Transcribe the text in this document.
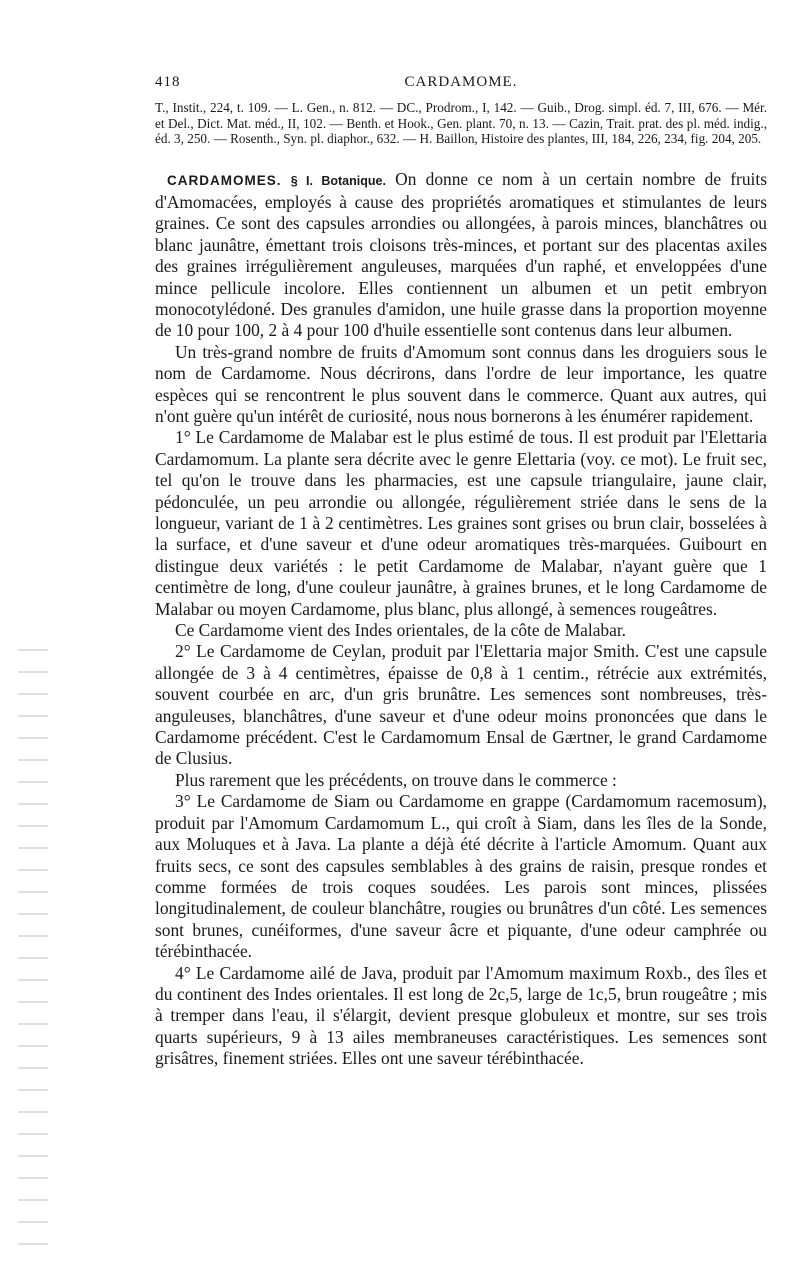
418	CARDAMOME.

T., Instit., 224, t. 109. — L. Gen., n. 812. — DC., Prodrom., I, 142. — Guib., Drog. simpl. éd. 7, III, 676. — Mér. et Del., Dict. Mat. méd., II, 102. — Benth. et Hook., Gen. plant. 70, n. 13. — Cazin, Trait. prat. des pl. méd. indig., éd. 3, 250. — Rosenth., Syn. pl. diaphor., 632. — H. Baillon, Histoire des plantes, III, 184, 226, 234, fig. 204, 205.

CARDAMOMES. § I. Botanique. On donne ce nom à un certain nombre de fruits d'Amomacées, employés à cause des propriétés aromatiques et stimulantes de leurs graines. Ce sont des capsules arrondies ou allongées, à parois minces, blanchâtres ou blanc jaunâtre, émettant trois cloisons très-minces, et portant sur des placentas axiles des graines irrégulièrement anguleuses, marquées d'un raphé, et enveloppées d'une mince pellicule incolore. Elles contiennent un albumen et un petit embryon monocotylédoné. Des granules d'amidon, une huile grasse dans la proportion moyenne de 10 pour 100, 2 à 4 pour 100 d'huile essentielle sont contenus dans leur albumen.

Un très-grand nombre de fruits d'Amomum sont connus dans les droguiers sous le nom de Cardamome. Nous décrirons, dans l'ordre de leur importance, les quatre espèces qui se rencontrent le plus souvent dans le commerce. Quant aux autres, qui n'ont guère qu'un intérêt de curiosité, nous nous bornerons à les énumérer rapidement.

1° Le Cardamome de Malabar est le plus estimé de tous. Il est produit par l'Elettaria Cardamomum. La plante sera décrite avec le genre Elettaria (voy. ce mot). Le fruit sec, tel qu'on le trouve dans les pharmacies, est une capsule triangulaire, jaune clair, pédonculée, un peu arrondie ou allongée, régulièrement striée dans le sens de la longueur, variant de 1 à 2 centimètres. Les graines sont grises ou brun clair, bosselées à la surface, et d'une saveur et d'une odeur aromatiques très-marquées. Guibourt en distingue deux variétés : le petit Cardamome de Malabar, n'ayant guère que 1 centimètre de long, d'une couleur jaunâtre, à graines brunes, et le long Cardamome de Malabar ou moyen Cardamome, plus blanc, plus allongé, à semences rougeâtres.

Ce Cardamome vient des Indes orientales, de la côte de Malabar.

2° Le Cardamome de Ceylan, produit par l'Elettaria major Smith. C'est une capsule allongée de 3 à 4 centimètres, épaisse de 0,8 à 1 centim., rétrécie aux extrémités, souvent courbée en arc, d'un gris brunâtre. Les semences sont nombreuses, très-anguleuses, blanchâtres, d'une saveur et d'une odeur moins prononcées que dans le Cardamome précédent. C'est le Cardamomum Ensal de Gærtner, le grand Cardamome de Clusius.

Plus rarement que les précédents, on trouve dans le commerce :

3° Le Cardamome de Siam ou Cardamome en grappe (Cardamomum racemosum), produit par l'Amomum Cardamomum L., qui croît à Siam, dans les îles de la Sonde, aux Moluques et à Java. La plante a déjà été décrite à l'article Amomum. Quant aux fruits secs, ce sont des capsules semblables à des grains de raisin, presque rondes et comme formées de trois coques soudées. Les parois sont minces, plissées longitudinalement, de couleur blanchâtre, rougies ou brunâtres d'un côté. Les semences sont brunes, cunéiformes, d'une saveur âcre et piquante, d'une odeur camphrée ou térébinthacée.

4° Le Cardamome ailé de Java, produit par l'Amomum maximum Roxb., des îles et du continent des Indes orientales. Il est long de 2c,5, large de 1c,5, brun rougeâtre ; mis à tremper dans l'eau, il s'élargit, devient presque globuleux et montre, sur ses trois quarts supérieurs, 9 à 13 ailes membraneuses caractéristiques. Les semences sont grisâtres, finement striées. Elles ont une saveur térébinthacée.
